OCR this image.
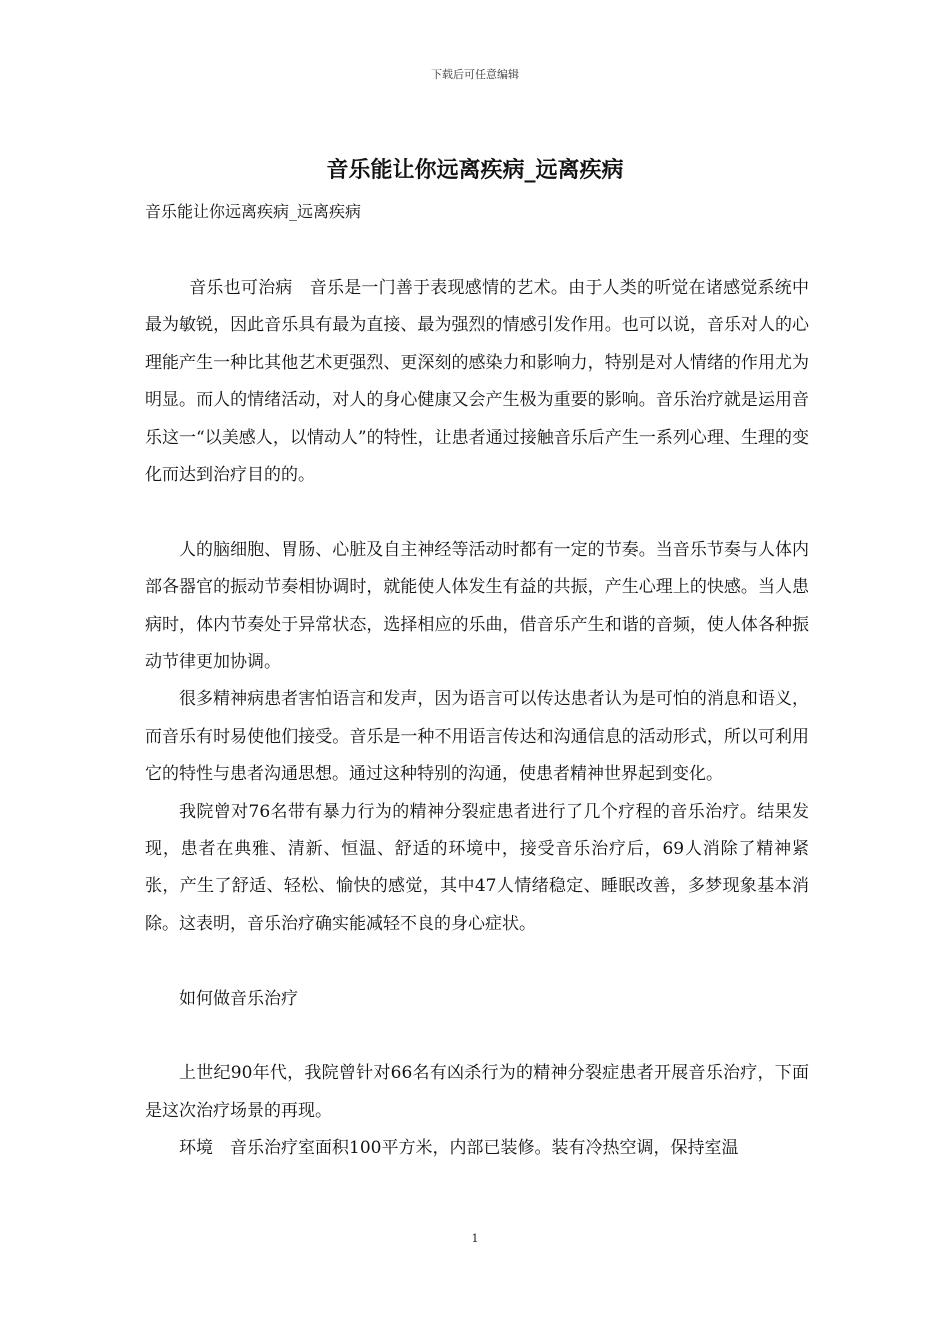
下载后可任意编辑
音乐能让你远离疾病_远离疾病

音乐能让你远离疾病_远离疾病

音乐也可治病　音乐是一门善于表现感情的艺术。由于人类的听觉在诸感觉系统中最为敏锐，因此音乐具有最为直接、最为强烈的情感引发作用。也可以说，音乐对人的心理能产生一种比其他艺术更强烈、更深刻的感染力和影响力，特别是对人情绪的作用尤为明显。而人的情绪活动，对人的身心健康又会产生极为重要的影响。音乐治疗就是运用音乐这一“以美感人，以情动人”的特性，让患者通过接触音乐后产生一系列心理、生理的变化而达到治疗目的的。

人的脑细胞、胃肠、心脏及自主神经等活动时都有一定的节奏。当音乐节奏与人体内部各器官的振动节奏相协调时，就能使人体发生有益的共振，产生心理上的快感。当人患病时，体内节奏处于异常状态，选择相应的乐曲，借音乐产生和谐的音频，使人体各种振动节律更加协调。

很多精神病患者害怕语言和发声，因为语言可以传达患者认为是可怕的消息和语义，而音乐有时易使他们接受。音乐是一种不用语言传达和沟通信息的活动形式，所以可利用它的特性与患者沟通思想。通过这种特别的沟通，使患者精神世界起到变化。

我院曾对76名带有暴力行为的精神分裂症患者进行了几个疗程的音乐治疗。结果发现，患者在典雅、清新、恒温、舒适的环境中，接受音乐治疗后，69人消除了精神紧张，产生了舒适、轻松、愉快的感觉，其中47人情绪稳定、睡眠改善，多梦现象基本消除。这表明，音乐治疗确实能减轻不良的身心症状。

如何做音乐治疗

上世纪90年代，我院曾针对66名有凶杀行为的精神分裂症患者开展音乐治疗，下面是这次治疗场景的再现。

环境　音乐治疗室面积100平方米，内部已装修。装有冷热空调，保持室温

1
